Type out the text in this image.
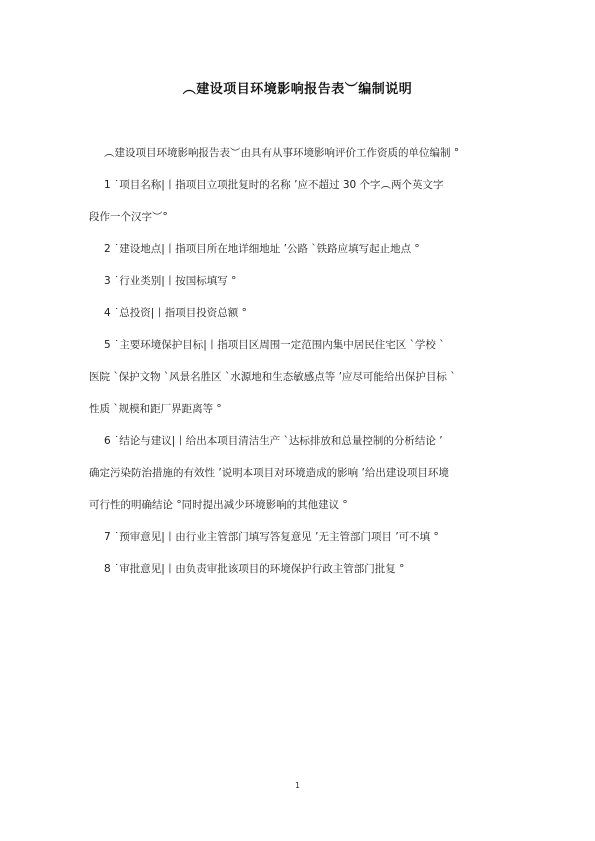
︵建设项目环境影响报告表︶编制说明
︵建设项目环境影响报告表︶由具有从事环境影响评价工作资质的单位编制 °
1 ˙项目名称|丨指项目立项批复时的名称 ’应不超过 30 个字︵两个英文字
段作一个汉字︶°
2 ˙建设地点|丨指项目所在地详细地址 ’公路 ˋ铁路应填写起止地点 °
3 ˙行业类别|丨按国标填写 °
4 ˙总投资|丨指项目投资总额 °
5 ˙主要环境保护目标|丨指项目区周围一定范围内集中居民住宅区 ˋ学校 ˋ
医院 ˋ保护文物 ˋ风景名胜区 ˋ水源地和生态敏感点等 ’应尽可能给出保护目标 ˋ
性质 ˋ规模和距厂界距离等 °
6 ˙结论与建议|丨给出本项目清洁生产 ˋ达标排放和总量控制的分析结论 ’
确定污染防治措施的有效性 ’说明本项目对环境造成的影响 ’给出建设项目环境
可行性的明确结论 °同时提出减少环境影响的其他建议 °
7 ˙预审意见|丨由行业主管部门填写答复意见 ’无主管部门项目 ’可不填 °
8 ˙审批意见|丨由负责审批该项目的环境保护行政主管部门批复 °
1
